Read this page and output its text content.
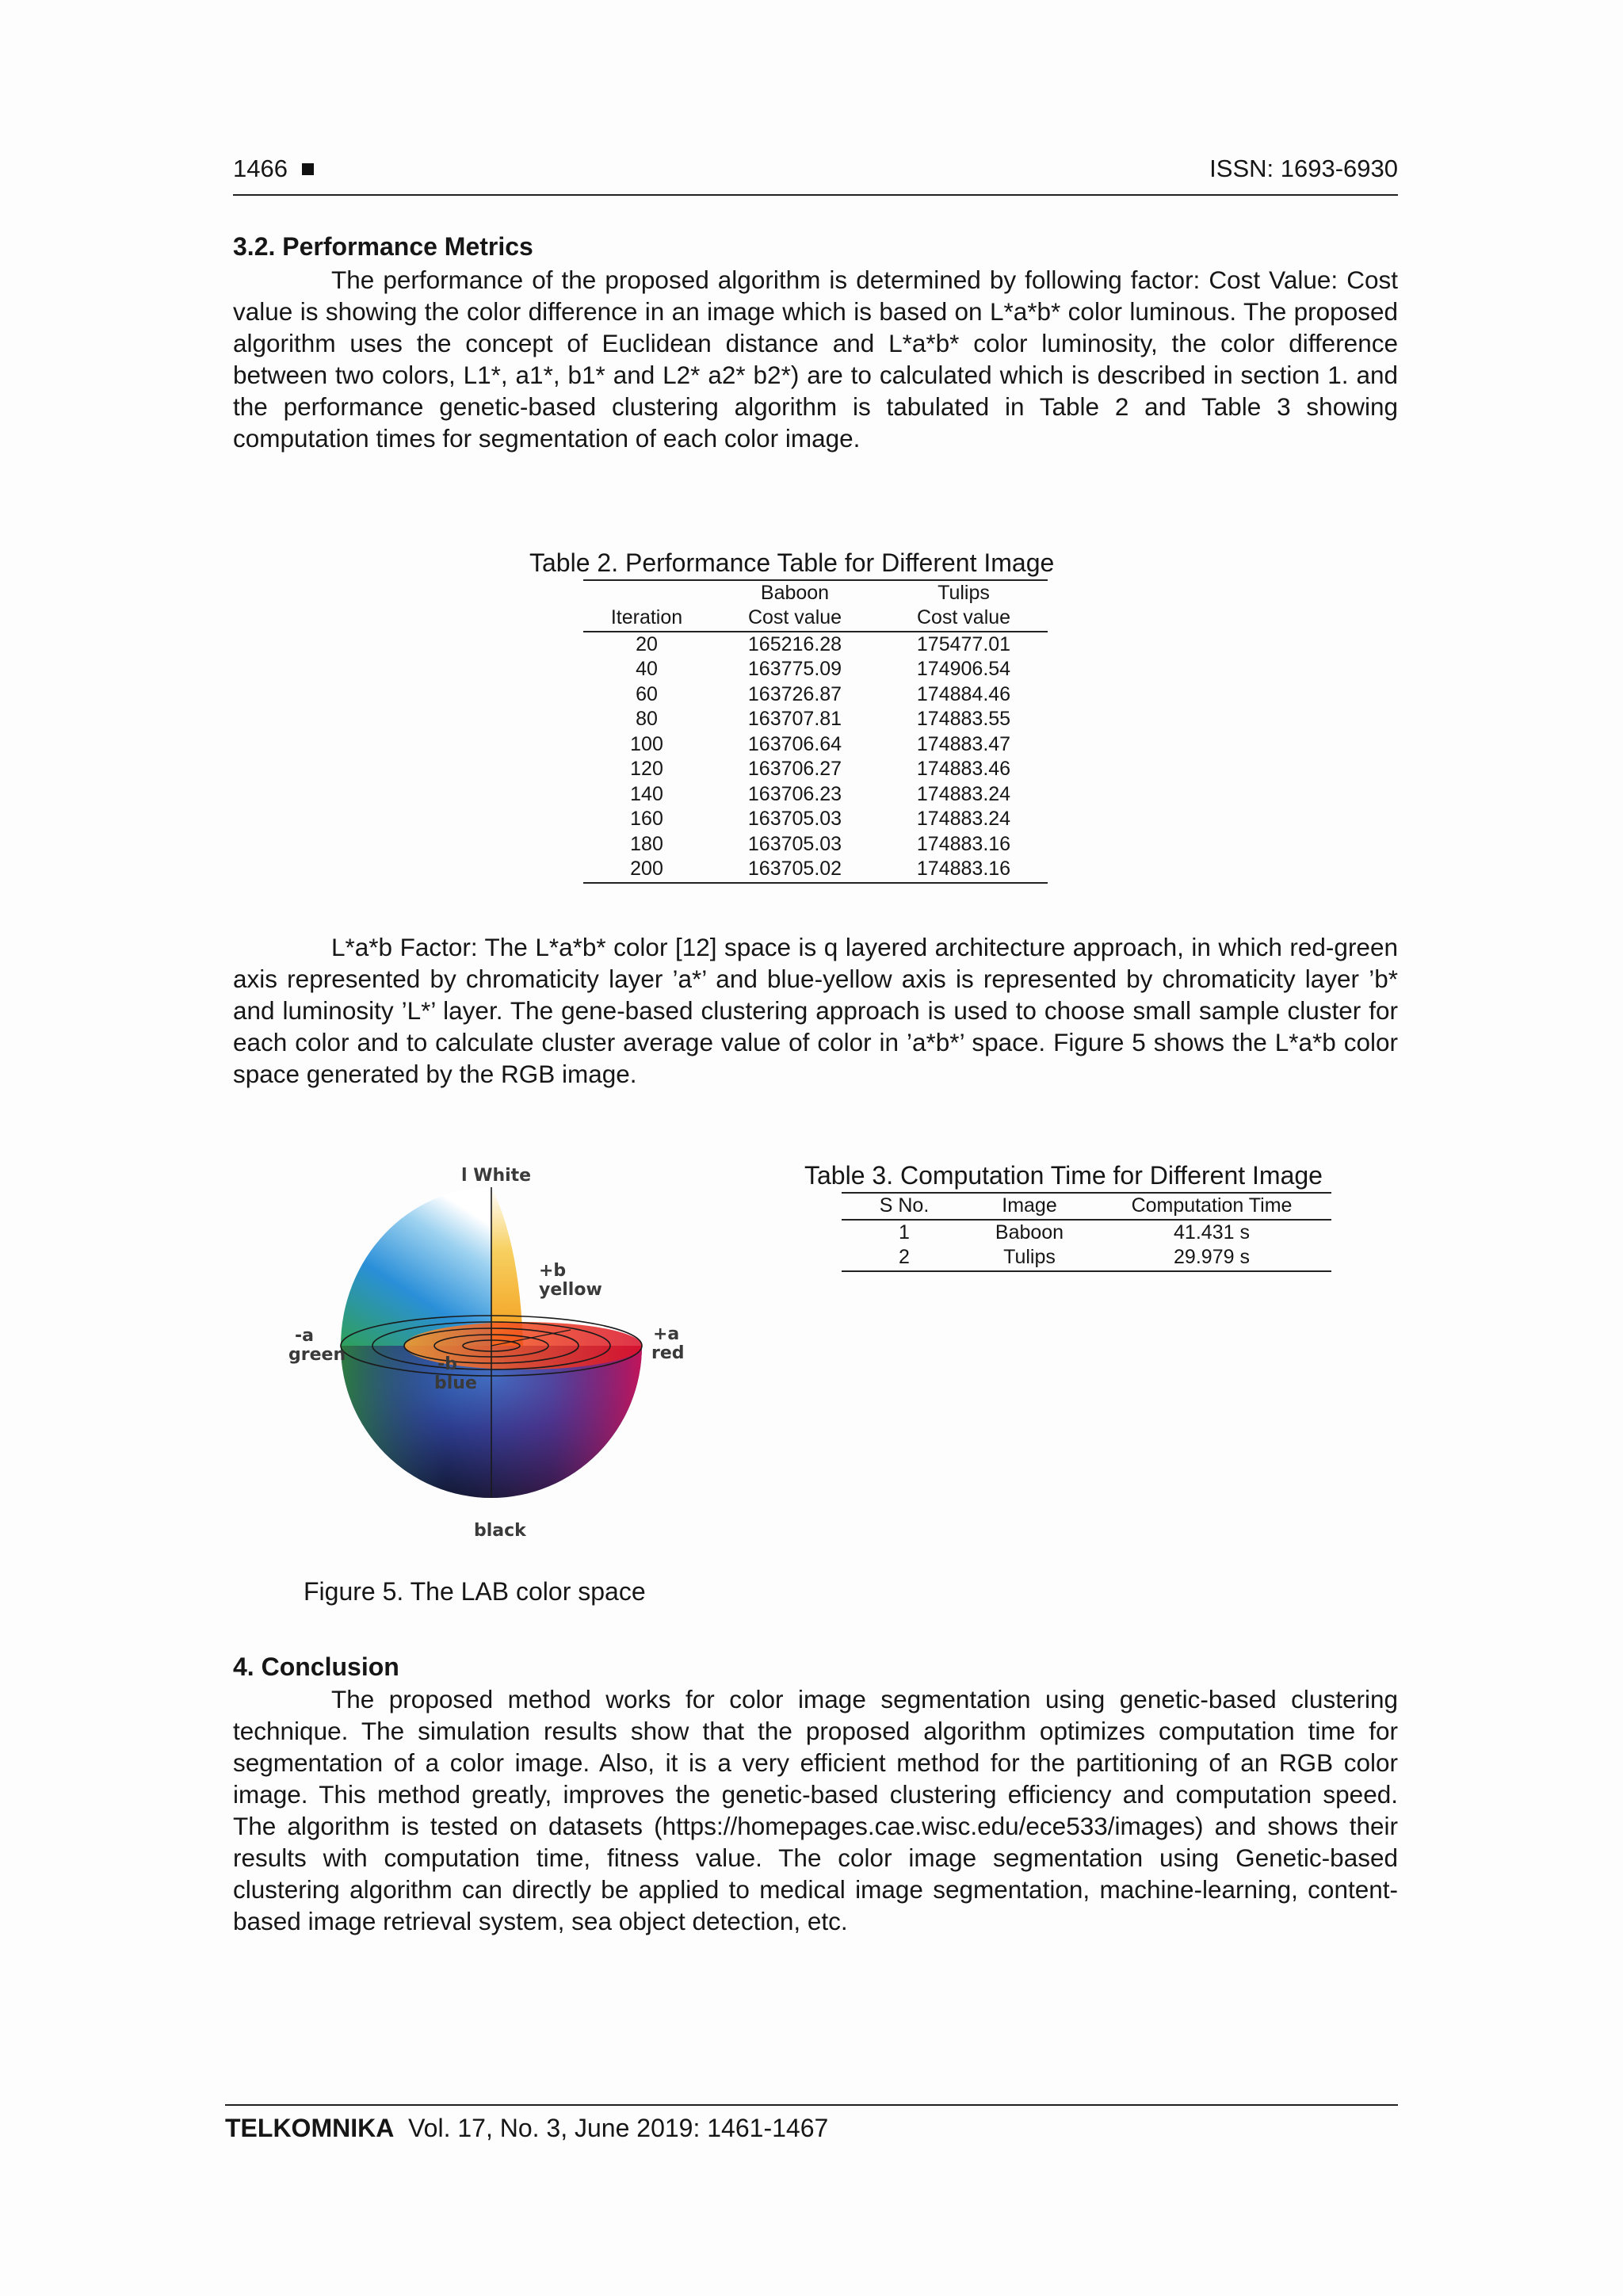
1466	ISSN: 1693-6930
3.2. Performance Metrics

The performance of the proposed algorithm is determined by following factor: Cost Value: Cost value is showing the color difference in an image which is based on L*a*b* color luminous. The proposed algorithm uses the concept of Euclidean distance and L*a*b* color luminosity, the color difference between two colors, L1*, a1*, b1* and L2* a2* b2*) are to calculated which is described in section 1. and the performance genetic-based clustering algorithm is tabulated in Table 2 and Table 3 showing computation times for segmentation of each color image.

Table 2. Performance Table for Different Image
	Baboon	Tulips
Iteration	Cost value	Cost value
20	165216.28	175477.01
40	163775.09	174906.54
60	163726.87	174884.46
80	163707.81	174883.55
100	163706.64	174883.47
120	163706.27	174883.46
140	163706.23	174883.24
160	163705.03	174883.24
180	163705.03	174883.16
200	163705.02	174883.16

L*a*b Factor: The L*a*b* color [12] space is q layered architecture approach, in which red-green axis represented by chromaticity layer ’a*’ and blue-yellow axis is represented by chromaticity layer ’b* and luminosity ’L*’ layer. The gene-based clustering approach is used to choose small sample cluster for each color and to calculate cluster average value of color in ’a*b*’ space. Figure 5 shows the L*a*b color space generated by the RGB image.

l White
+b
yellow
-a
green
+a
red
-b
blue
black
Figure 5. The LAB color space
Table 3. Computation Time for Different Image
S No.	Image	Computation Time
1	Baboon	41.431 s
2	Tulips	29.979 s
4. Conclusion

The proposed method works for color image segmentation using genetic-based clustering technique. The simulation results show that the proposed algorithm optimizes computation time for segmentation of a color image. Also, it is a very efficient method for the partitioning of an RGB color image. This method greatly, improves the genetic-based clustering efficiency and computation speed. The algorithm is tested on datasets (https://homepages.cae.wisc.edu/ece533/images) and shows their results with computation time, fitness value. The color image segmentation using Genetic-based clustering algorithm can directly be applied to medical image segmentation, machine-learning, content-based image retrieval system, sea object detection, etc.

TELKOMNIKA Vol. 17, No. 3, June 2019: 1461-1467
